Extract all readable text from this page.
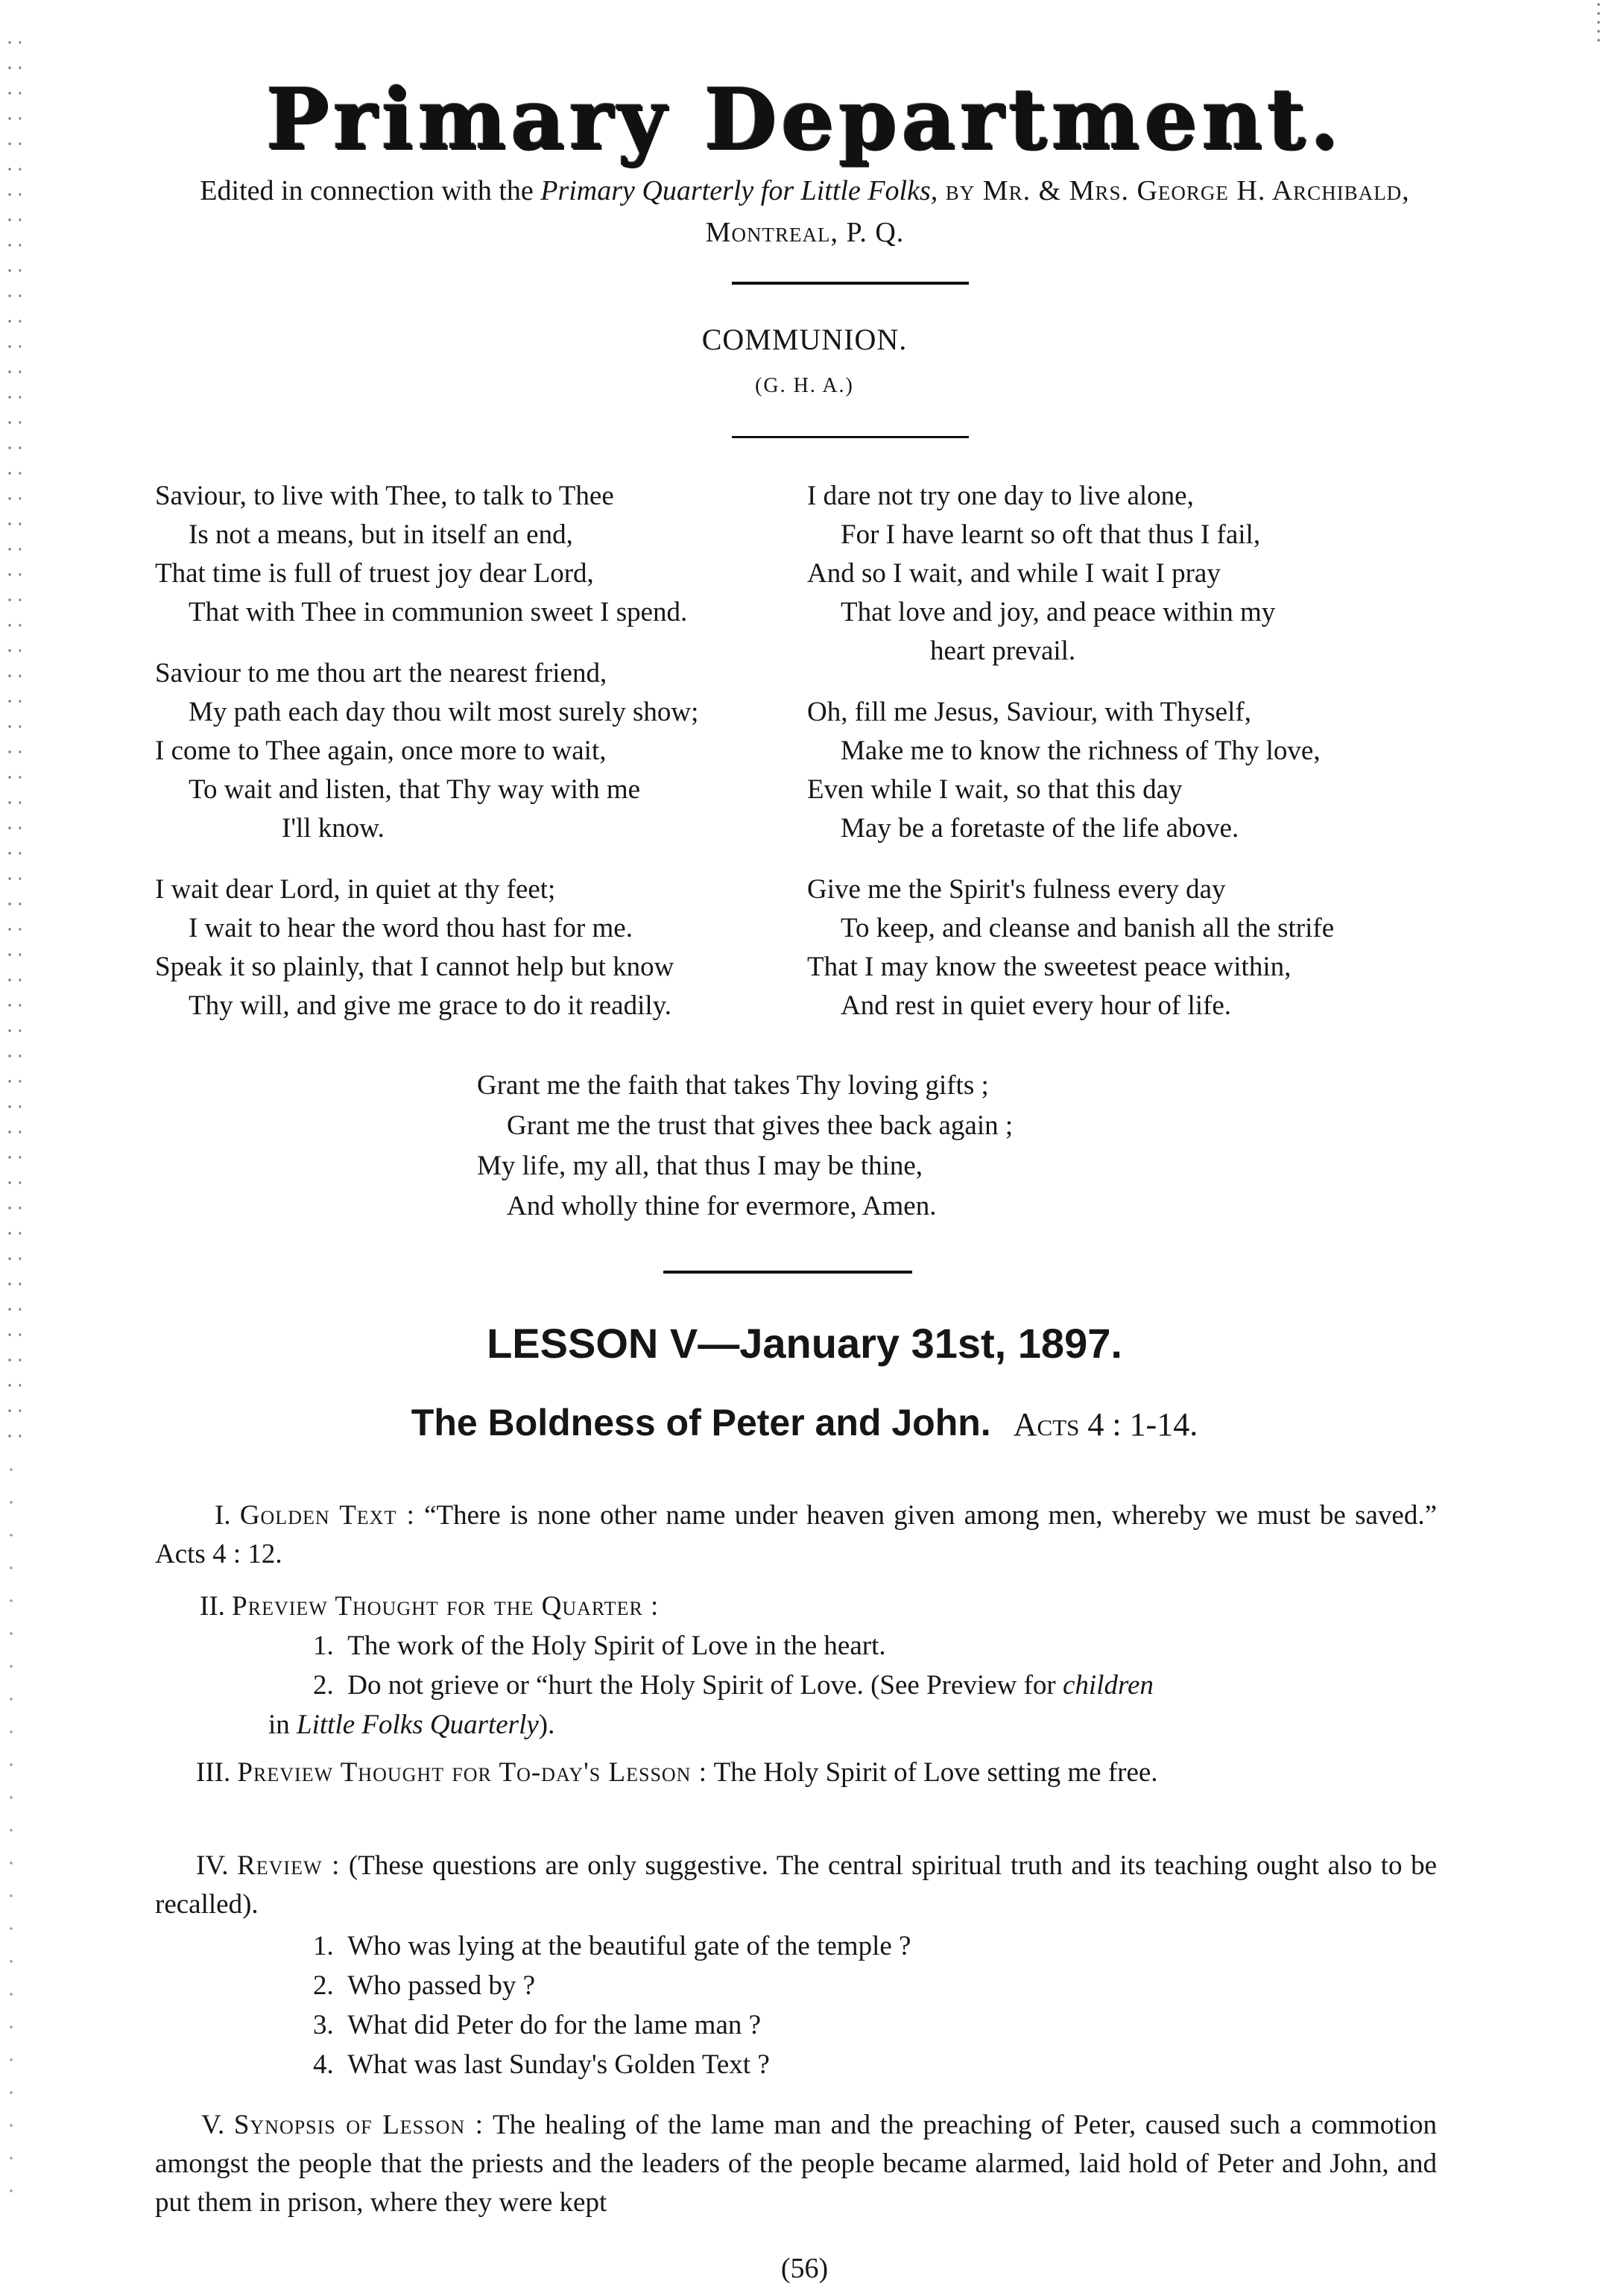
Primary Department.
Edited in connection with the Primary Quarterly for Little Folks, by Mr. & Mrs. George H. Archibald, Montreal, P. Q.
COMMUNION.
(G. H. A.)
Saviour, to live with Thee, to talk to Thee
Is not a means, but in itself an end,
That time is full of truest joy dear Lord,
That with Thee in communion sweet I spend.
Saviour to me thou art the nearest friend,
My path each day thou wilt most surely show;
I come to Thee again, once more to wait,
To wait and listen, that Thy way with me
I'll know.
I wait dear Lord, in quiet at thy feet;
I wait to hear the word thou hast for me.
Speak it so plainly, that I cannot help but know
Thy will, and give me grace to do it readily.
I dare not try one day to live alone,
For I have learnt so oft that thus I fail,
And so I wait, and while I wait I pray
That love and joy, and peace within my
heart prevail.
Oh, fill me Jesus, Saviour, with Thyself,
Make me to know the richness of Thy love,
Even while I wait, so that this day
May be a foretaste of the life above.
Give me the Spirit's fulness every day
To keep, and cleanse and banish all the strife
That I may know the sweetest peace within,
And rest in quiet every hour of life.
Grant me the faith that takes Thy loving gifts ;
Grant me the trust that gives thee back again ;
My life, my all, that thus I may be thine,
And wholly thine for evermore, Amen.
LESSON V—January 31st, 1897.
The Boldness of Peter and John. Acts 4 : 1-14.
I. Golden Text : “There is none other name under heaven given among men, whereby we must be saved.” Acts 4 : 12.
II. Preview Thought for the Quarter :
1. The work of the Holy Spirit of Love in the heart.
2. Do not grieve or “hurt the Holy Spirit of Love. (See Preview for children
in Little Folks Quarterly).
III. Preview Thought for To-day's Lesson : The Holy Spirit of Love setting me free.
IV. Review : (These questions are only suggestive. The central spiritual truth and its teaching ought also to be recalled).
1. Who was lying at the beautiful gate of the temple ?
2. Who passed by ?
3. What did Peter do for the lame man ?
4. What was last Sunday's Golden Text ?
V. Synopsis of Lesson : The healing of the lame man and the preaching of Peter, caused such a commotion amongst the people that the priests and the leaders of the people became alarmed, laid hold of Peter and John, and put them in prison, where they were kept
(56)
